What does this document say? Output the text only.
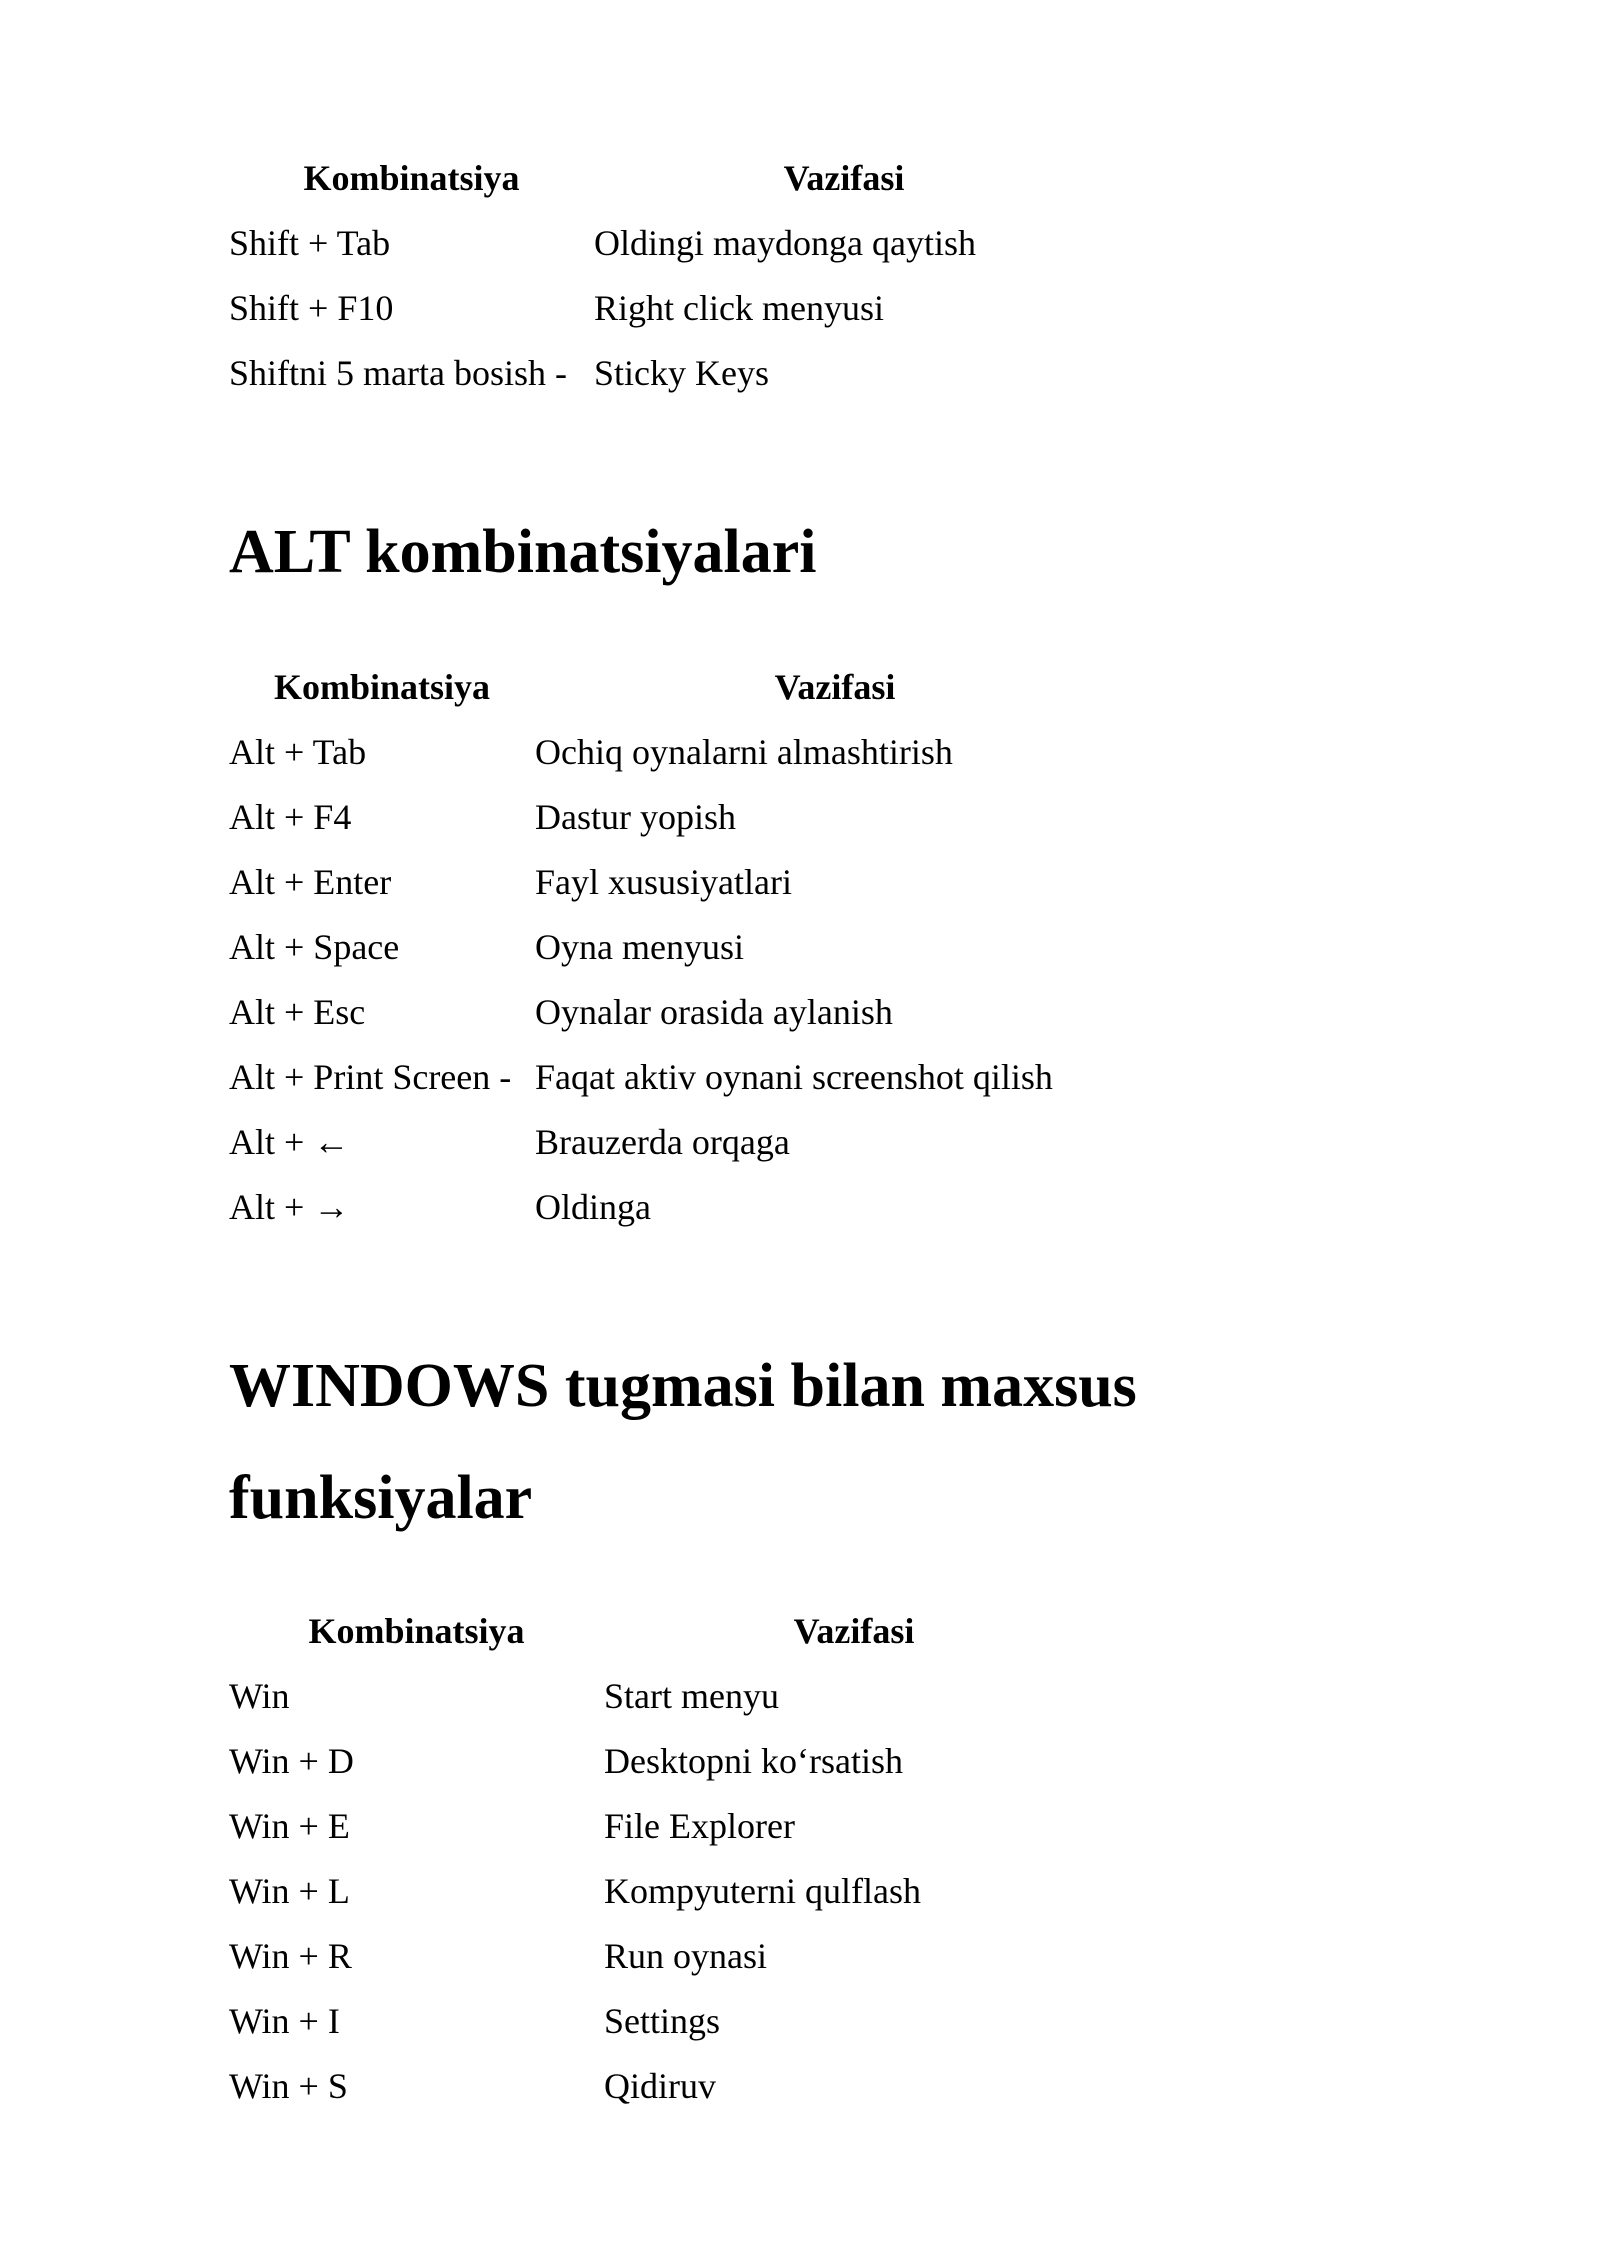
Kombinatsiya	Vazifasi
Shift + Tab	Oldingi maydonga qaytish
Shift + F10	Right click menyusi
Shiftni 5 marta bosish -	Sticky Keys
ALT kombinatsiyalari
Kombinatsiya	Vazifasi
Alt + Tab	Ochiq oynalarni almashtirish
Alt + F4	Dastur yopish
Alt + Enter	Fayl xususiyatlari
Alt + Space	Oyna menyusi
Alt + Esc	Oynalar orasida aylanish
Alt + Print Screen -	Faqat aktiv oynani screenshot qilish
Alt + ←	Brauzerda orqaga
Alt + →	Oldinga
WINDOWS tugmasi bilan maxsus
funksiyalar
Kombinatsiya	Vazifasi
Win	Start menyu
Win + D	Desktopni ko‘rsatish
Win + E	File Explorer
Win + L	Kompyuterni qulflash
Win + R	Run oynasi
Win + I	Settings
Win + S	Qidiruv
